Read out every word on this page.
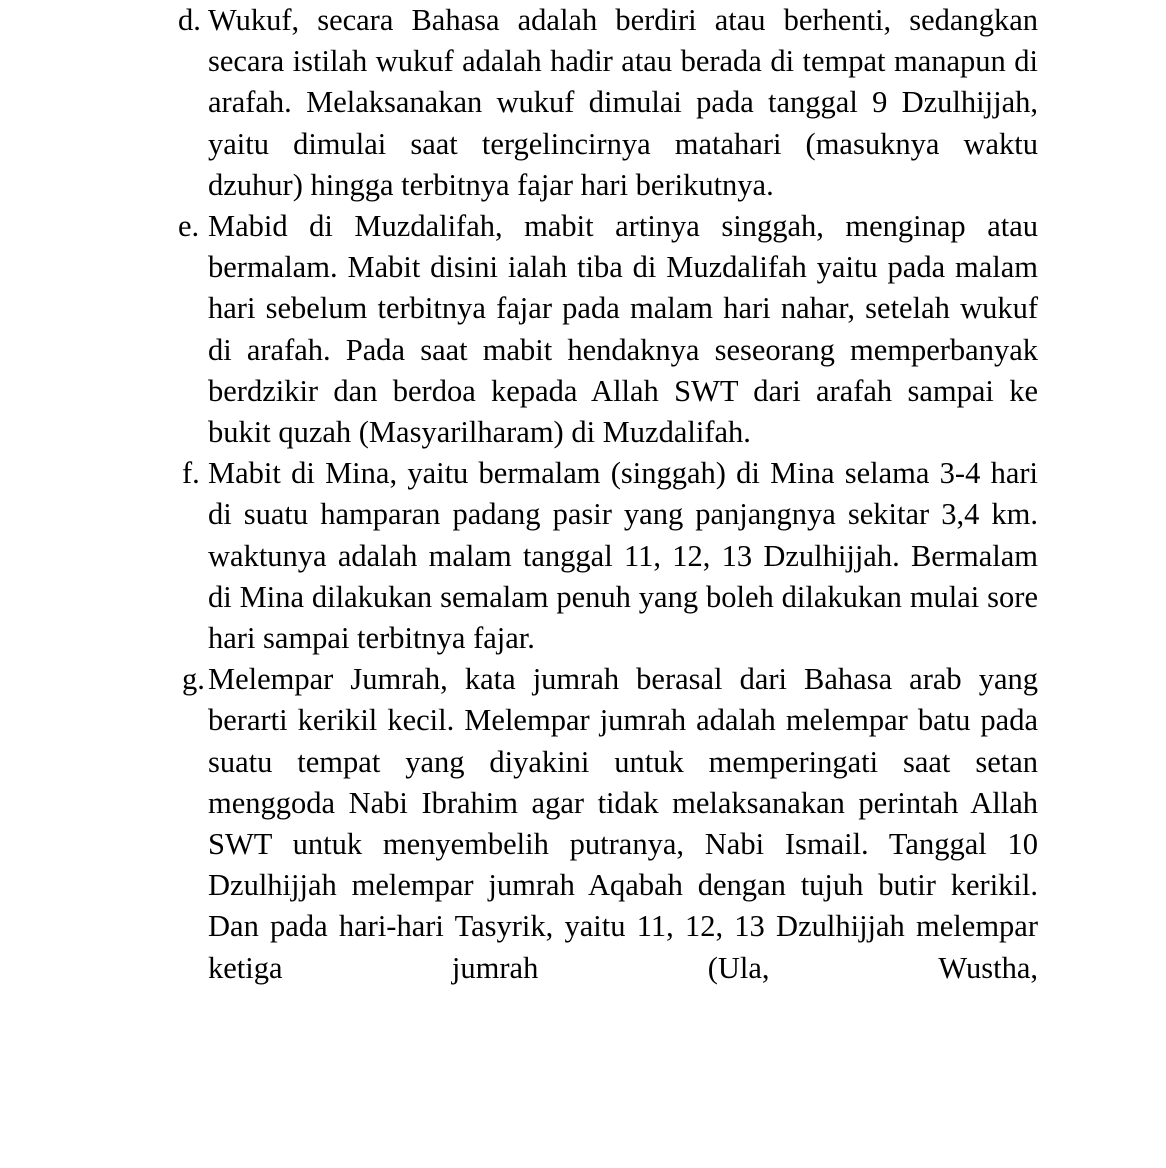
d. Wukuf, secara Bahasa adalah berdiri atau berhenti, sedangkan secara istilah wukuf adalah hadir atau berada di tempat manapun di arafah. Melaksanakan wukuf dimulai pada tanggal 9 Dzulhijjah, yaitu dimulai saat tergelincirnya matahari (masuknya waktu dzuhur) hingga terbitnya fajar hari berikutnya.
e. Mabid di Muzdalifah, mabit artinya singgah, menginap atau bermalam. Mabit disini ialah tiba di Muzdalifah yaitu pada malam hari sebelum terbitnya fajar pada malam hari nahar, setelah wukuf di arafah. Pada saat mabit hendaknya seseorang memperbanyak berdzikir dan berdoa kepada Allah SWT dari arafah sampai ke bukit quzah (Masyarilharam) di Muzdalifah.
f. Mabit di Mina, yaitu bermalam (singgah) di Mina selama 3-4 hari di suatu hamparan padang pasir yang panjangnya sekitar 3,4 km. waktunya adalah malam tanggal 11, 12, 13 Dzulhijjah. Bermalam di Mina dilakukan semalam penuh yang boleh dilakukan mulai sore hari sampai terbitnya fajar.
g. Melempar Jumrah, kata jumrah berasal dari Bahasa arab yang berarti kerikil kecil. Melempar jumrah adalah melempar batu pada suatu tempat yang diyakini untuk memperingati saat setan menggoda Nabi Ibrahim agar tidak melaksanakan perintah Allah SWT untuk menyembelih putranya, Nabi Ismail. Tanggal 10 Dzulhijjah melempar jumrah Aqabah dengan tujuh butir kerikil. Dan pada hari-hari Tasyrik, yaitu 11, 12, 13 Dzulhijjah melempar ketiga jumrah (Ula, Wustha,
